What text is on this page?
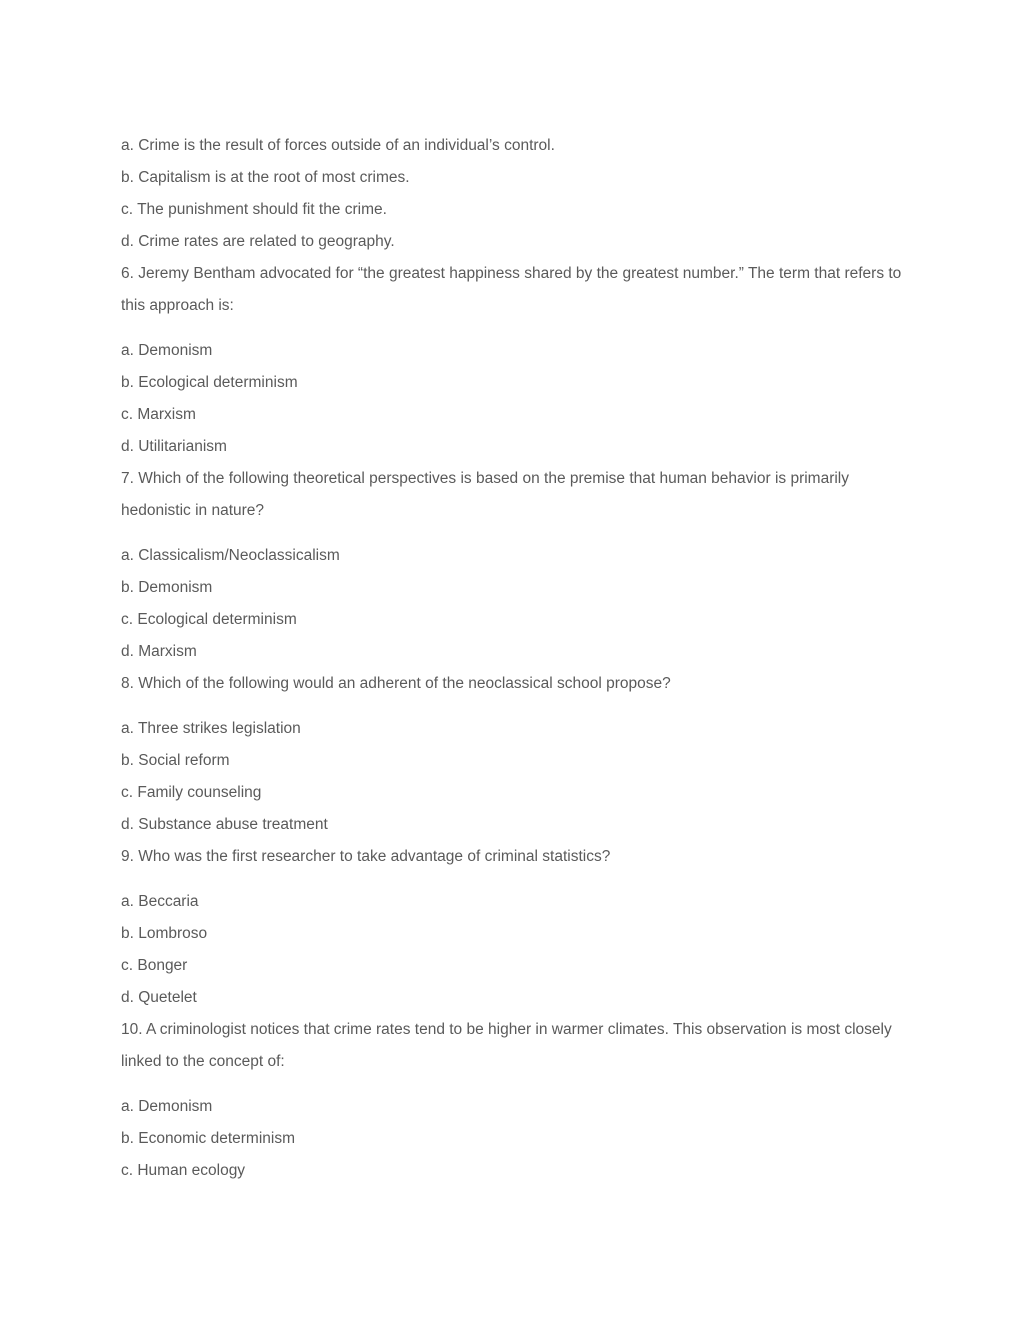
a. Crime is the result of forces outside of an individual’s control.
b. Capitalism is at the root of most crimes.
c. The punishment should fit the crime.
d. Crime rates are related to geography.
6. Jeremy Bentham advocated for “the greatest happiness shared by the greatest number.” The term that refers to this approach is:
a. Demonism
b. Ecological determinism
c. Marxism
d. Utilitarianism
7. Which of the following theoretical perspectives is based on the premise that human behavior is primarily hedonistic in nature?
a. Classicalism/Neoclassicalism
b. Demonism
c. Ecological determinism
d. Marxism
8. Which of the following would an adherent of the neoclassical school propose?
a. Three strikes legislation
b. Social reform
c. Family counseling
d. Substance abuse treatment
9. Who was the first researcher to take advantage of criminal statistics?
a. Beccaria
b. Lombroso
c. Bonger
d. Quetelet
10. A criminologist notices that crime rates tend to be higher in warmer climates. This observation is most closely linked to the concept of:
a. Demonism
b. Economic determinism
c. Human ecology
